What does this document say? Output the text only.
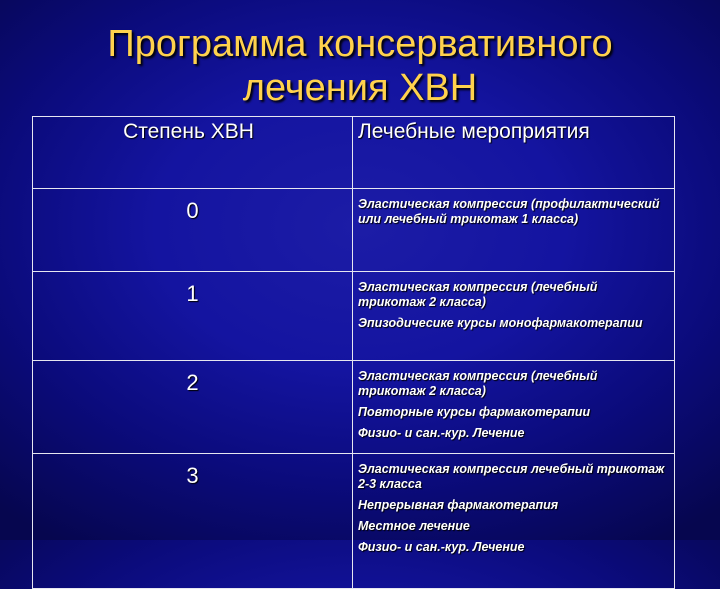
Программа консервативного
лечения ХВН
Степень ХВН	Лечебные мероприятия
0	Эластическая компрессия (профилактический или лечебный трикотаж 1 класса)

1	Эластическая компрессия (лечебный трикотаж 2 класса)
Эпизодичесике курсы монофармакотерапии

2	Эластическая компрессия (лечебный трикотаж 2 класса)
Повторные курсы фармакотерапии
Физио- и сан.-кур. Лечение

3	Эластическая компрессия лечебный трикотаж 2-3 класса
Непрерывная фармакотерапия
Местное лечение
Физио- и сан.-кур. Лечение
